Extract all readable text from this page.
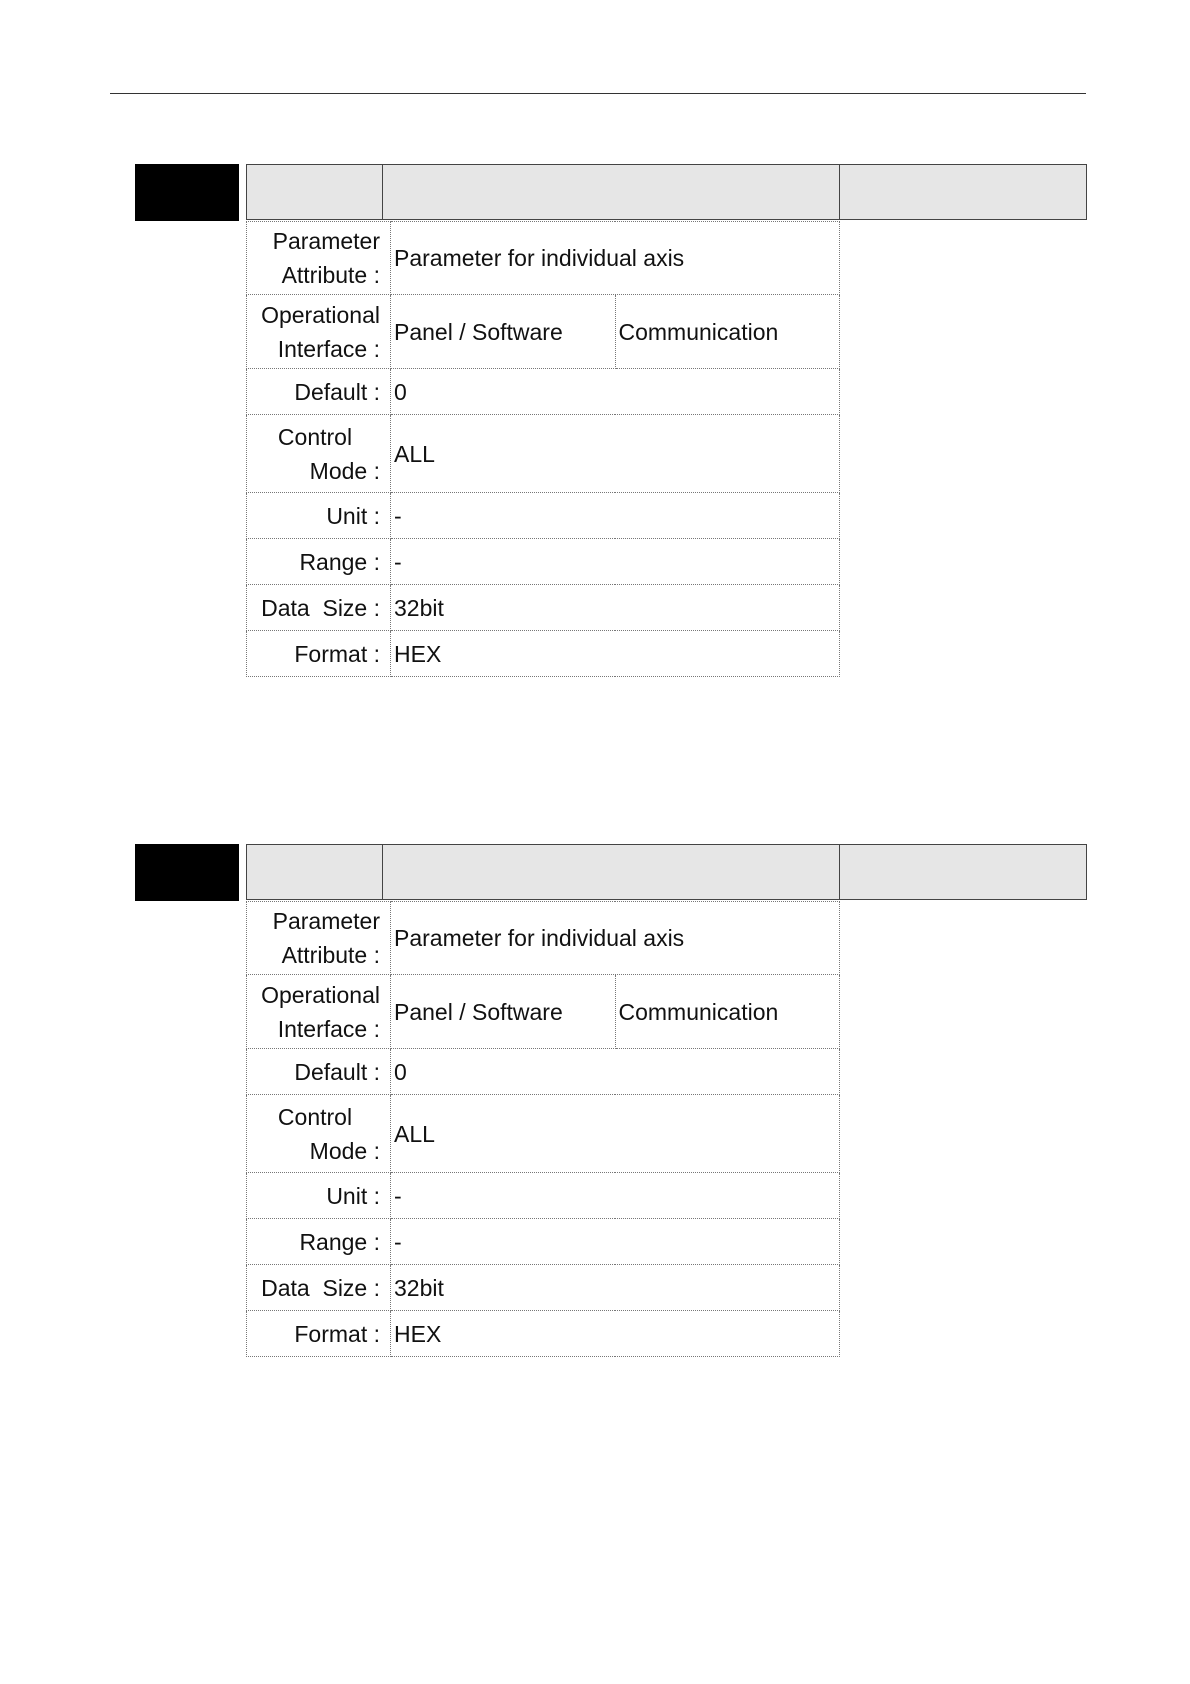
Parameter
Attribute :	Parameter for individual axis	

Operational
Interface :	Panel / Software	Communication
Default :	0	

Control
Mode :	ALL	
Unit :	-	
Range :	-	
Data  Size :	32bit	
Format :	HEX	
Parameter
Attribute :	Parameter for individual axis	

Operational
Interface :	Panel / Software	Communication
Default :	0	

Control
Mode :	ALL	
Unit :	-	
Range :	-	
Data  Size :	32bit	
Format :	HEX	
